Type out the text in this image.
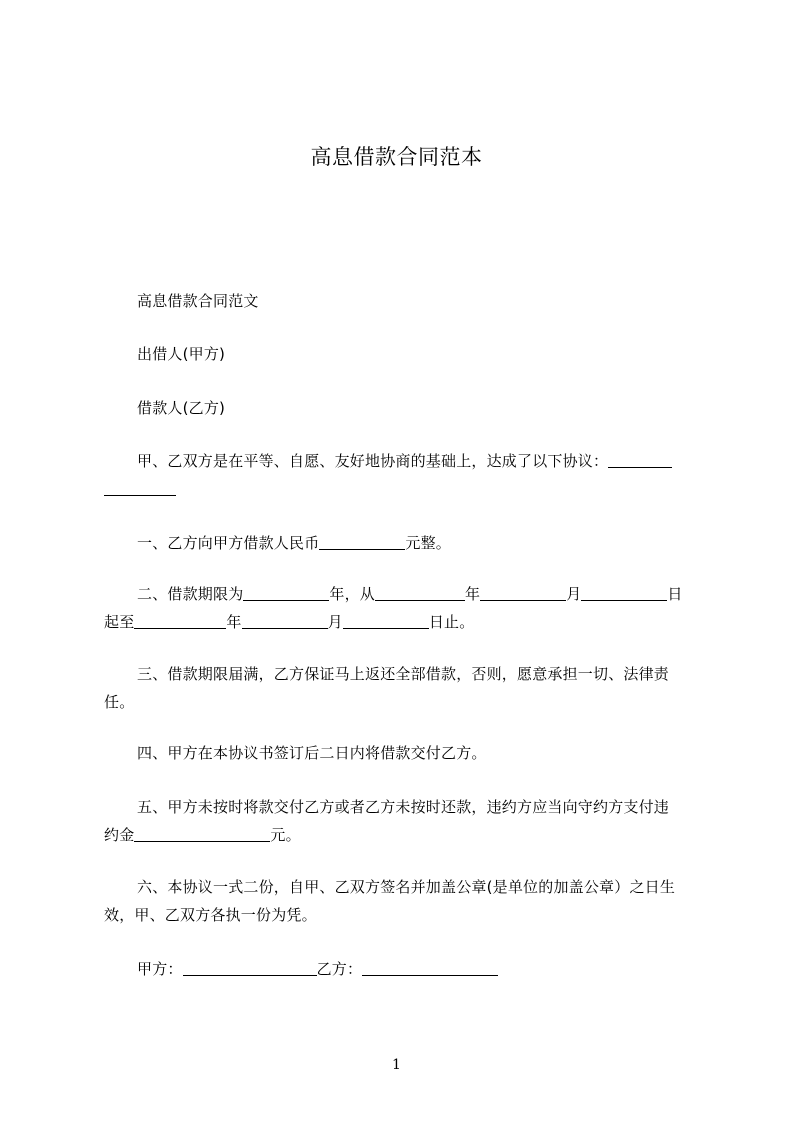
高息借款合同范本
高息借款合同范文
出借人(甲方)
借款人(乙方)
甲、乙双方是在平等、自愿、友好地协商的基础上，达成了以下协议：
一、乙方向甲方借款人民币	元整。
二、借款期限为	年，从	年	月	日
起至	年	月	日止。
三、借款期限届满，乙方保证马上返还全部借款，否则，愿意承担一切、法律责
任。
四、甲方在本协议书签订后二日内将借款交付乙方。
五、甲方未按时将款交付乙方或者乙方未按时还款，违约方应当向守约方支付违
约金	元。
六、本协议一式二份，自甲、乙双方签名并加盖公章(是单位的加盖公章）之日生
效，甲、乙双方各执一份为凭。
甲方：	乙方：
1
